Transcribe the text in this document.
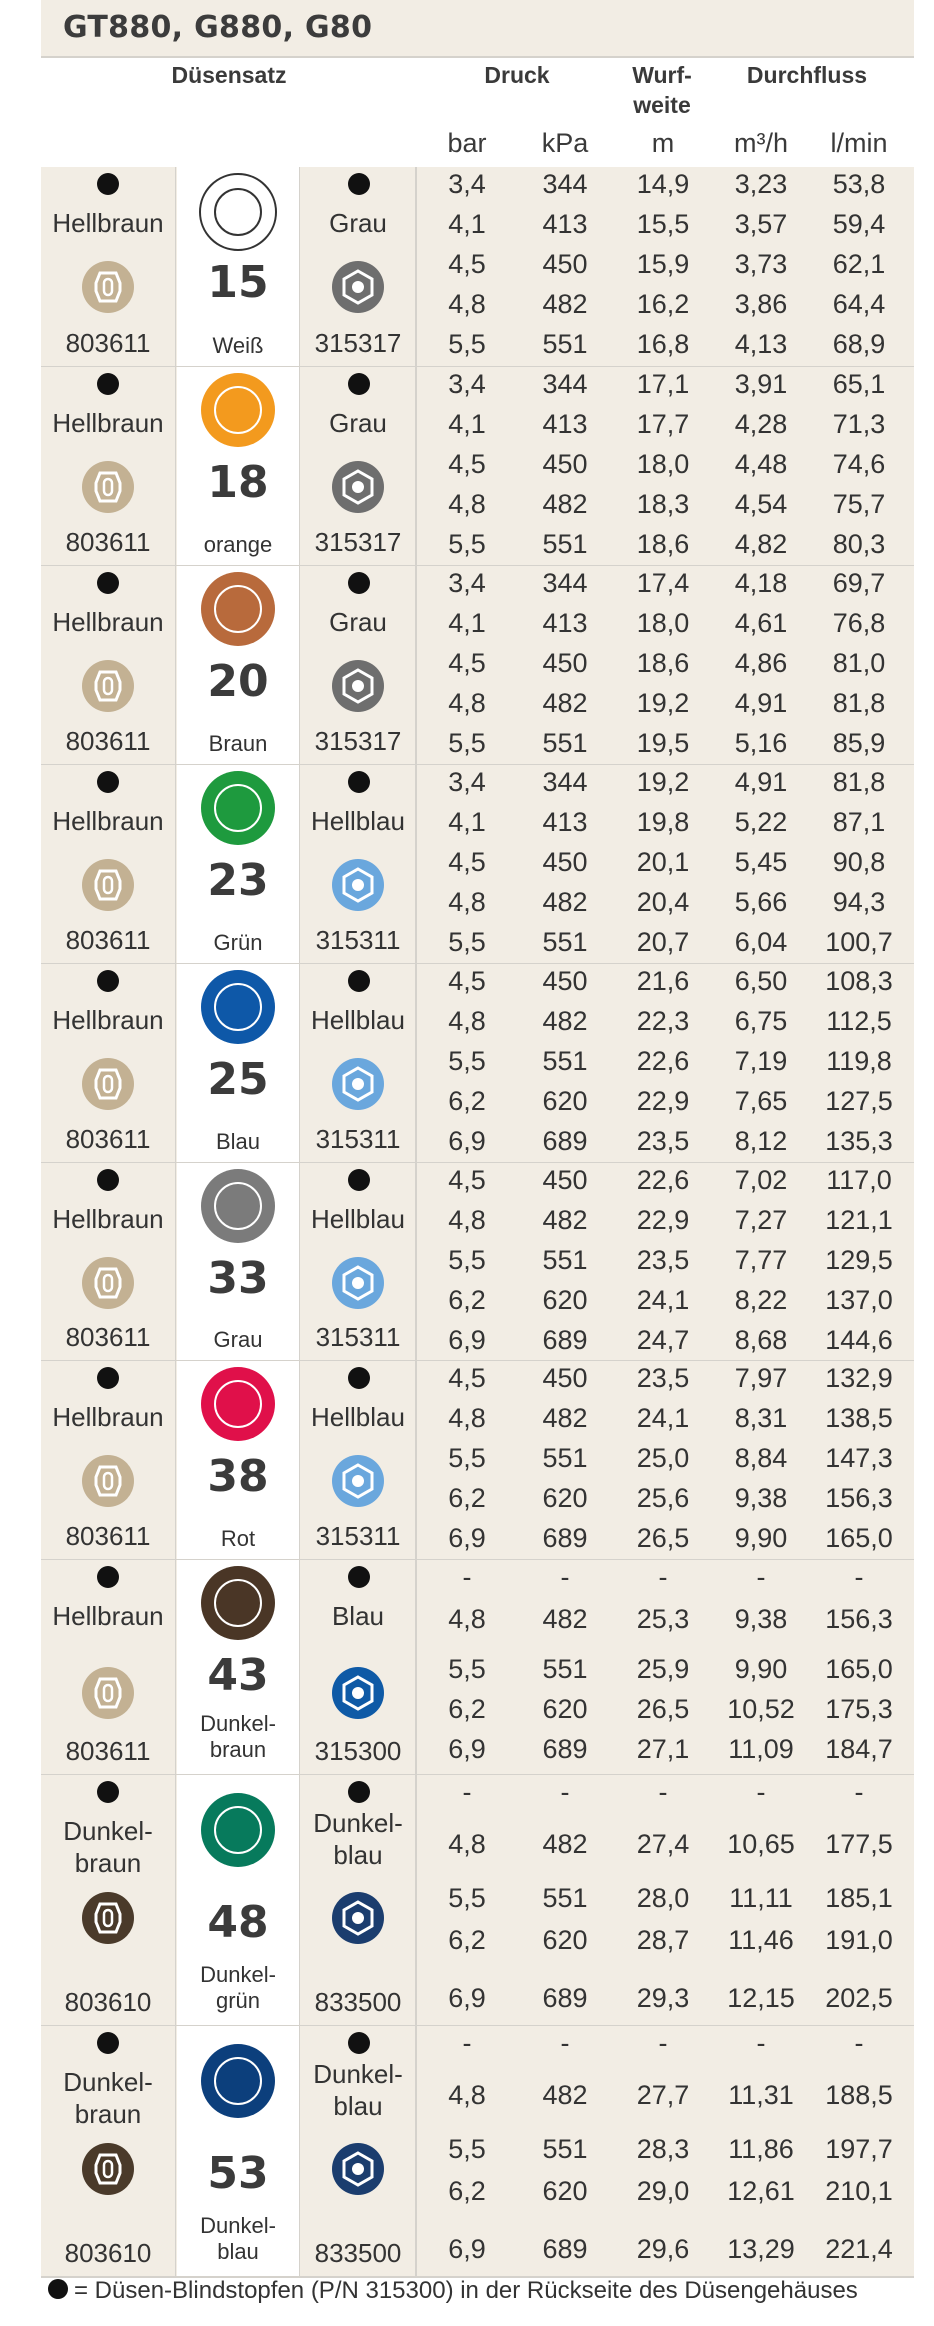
GT880, G880, G80
Düsensatz	Druck	Wurf-
weite
Durchfluss
bar	kPa	m	m³/h	l/min
Hellbraun
803611
15
Weiß
Grau
315317
3,4	344	14,9	3,23	53,8
4,1	413	15,5	3,57	59,4
4,5	450	15,9	3,73	62,1
4,8	482	16,2	3,86	64,4
5,5	551	16,8	4,13	68,9
Hellbraun
803611
18
orange
Grau
315317
3,4	344	17,1	3,91	65,1
4,1	413	17,7	4,28	71,3
4,5	450	18,0	4,48	74,6
4,8	482	18,3	4,54	75,7
5,5	551	18,6	4,82	80,3
Hellbraun
803611
20
Braun
Grau
315317
3,4	344	17,4	4,18	69,7
4,1	413	18,0	4,61	76,8
4,5	450	18,6	4,86	81,0
4,8	482	19,2	4,91	81,8
5,5	551	19,5	5,16	85,9
Hellbraun
803611
23
Grün
Hellblau
315311
3,4	344	19,2	4,91	81,8
4,1	413	19,8	5,22	87,1
4,5	450	20,1	5,45	90,8
4,8	482	20,4	5,66	94,3
5,5	551	20,7	6,04	100,7
Hellbraun
803611
25
Blau
Hellblau
315311
4,5	450	21,6	6,50	108,3
4,8	482	22,3	6,75	112,5
5,5	551	22,6	7,19	119,8
6,2	620	22,9	7,65	127,5
6,9	689	23,5	8,12	135,3
Hellbraun
803611
33
Grau
Hellblau
315311
4,5	450	22,6	7,02	117,0
4,8	482	22,9	7,27	121,1
5,5	551	23,5	7,77	129,5
6,2	620	24,1	8,22	137,0
6,9	689	24,7	8,68	144,6
Hellbraun
803611
38
Rot
Hellblau
315311
4,5	450	23,5	7,97	132,9
4,8	482	24,1	8,31	138,5
5,5	551	25,0	8,84	147,3
6,2	620	25,6	9,38	156,3
6,9	689	26,5	9,90	165,0
Hellbraun
803611
43
Dunkel-
braun
Blau
315300
-	-	-	-	-
4,8	482	25,3	9,38	156,3
5,5	551	25,9	9,90	165,0
6,2	620	26,5	10,52	175,3
6,9	689	27,1	11,09	184,7
Dunkel-
braun
803610
48
Dunkel-
grün
Dunkel-
blau
833500
-	-	-	-	-
4,8	482	27,4	10,65	177,5
5,5	551	28,0	11,11	185,1
6,2	620	28,7	11,46	191,0
6,9	689	29,3	12,15	202,5
Dunkel-
braun
803610
53
Dunkel-
blau
Dunkel-
blau
833500
-	-	-	-	-
4,8	482	27,7	11,31	188,5
5,5	551	28,3	11,86	197,7
6,2	620	29,0	12,61	210,1
6,9	689	29,6	13,29	221,4
= Düsen-Blindstopfen (P/N 315300) in der Rückseite des Düsengehäuses
